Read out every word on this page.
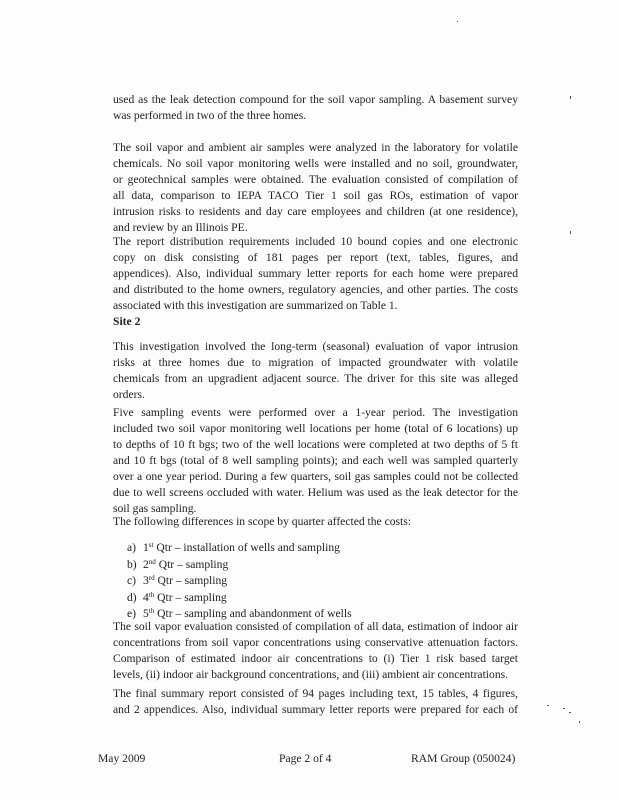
used as the leak detection compound for the soil vapor sampling. A basement survey
was performed in two of the three homes.

The soil vapor and ambient air samples were analyzed in the laboratory for volatile
chemicals. No soil vapor monitoring wells were installed and no soil, groundwater,
or geotechnical samples were obtained. The evaluation consisted of compilation of
all data, comparison to IEPA TACO Tier 1 soil gas ROs, estimation of vapor
intrusion risks to residents and day care employees and children (at one residence),
and review by an Illinois PE.

The report distribution requirements included 10 bound copies and one electronic
copy on disk consisting of 181 pages per report (text, tables, figures, and
appendices). Also, individual summary letter reports for each home were prepared
and distributed to the home owners, regulatory agencies, and other parties. The costs
associated with this investigation are summarized on Table 1.

Site 2

This investigation involved the long-term (seasonal) evaluation of vapor intrusion
risks at three homes due to migration of impacted groundwater with volatile
chemicals from an upgradient adjacent source. The driver for this site was alleged
orders.

Five sampling events were performed over a 1-year period. The investigation
included two soil vapor monitoring well locations per home (total of 6 locations) up
to depths of 10 ft bgs; two of the well locations were completed at two depths of 5 ft
and 10 ft bgs (total of 8 well sampling points); and each well was sampled quarterly
over a one year period. During a few quarters, soil gas samples could not be collected
due to well screens occluded with water. Helium was used as the leak detector for the
soil gas sampling.

The following differences in scope by quarter affected the costs:

a) 1st Qtr – installation of wells and sampling
b) 2nd Qtr – sampling
c) 3rd Qtr – sampling
d) 4th Qtr – sampling
e) 5th Qtr – sampling and abandonment of wells

The soil vapor evaluation consisted of compilation of all data, estimation of indoor air
concentrations from soil vapor concentrations using conservative attenuation factors.
Comparison of estimated indoor air concentrations to (i) Tier 1 risk based target
levels, (ii) indoor air background concentrations, and (iii) ambient air concentrations.

The final summary report consisted of 94 pages including text, 15 tables, 4 figures,
and 2 appendices. Also, individual summary letter reports were prepared for each of

May 2009	Page 2 of 4	RAM Group (050024)
